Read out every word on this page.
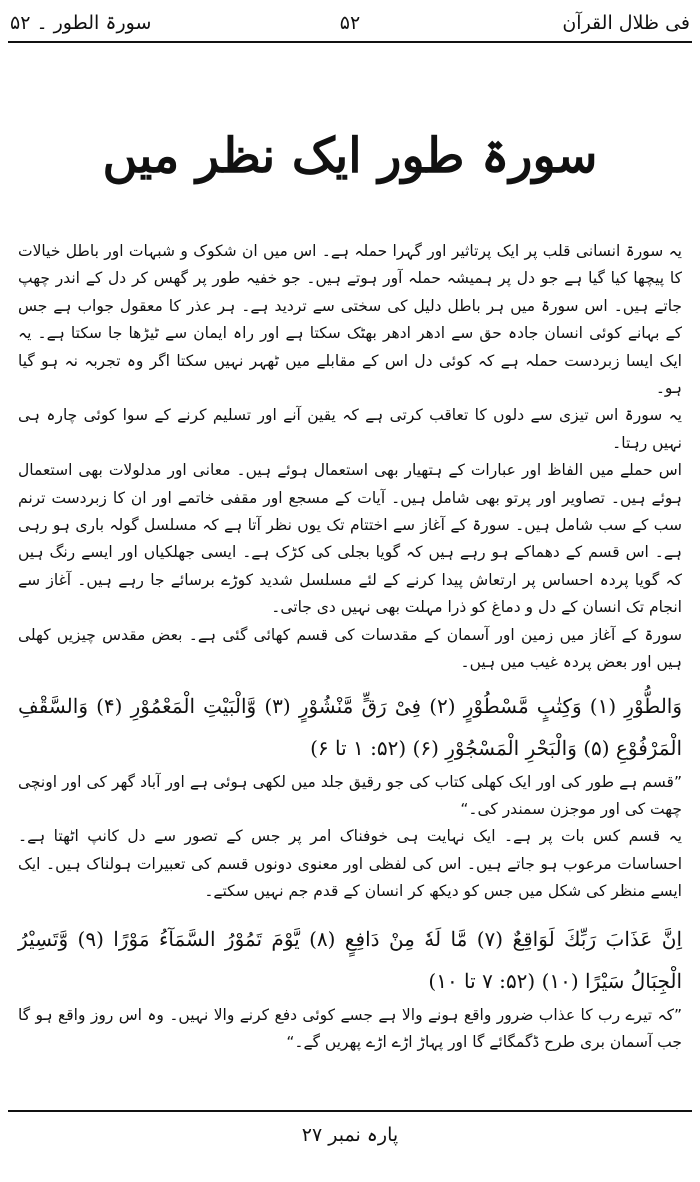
فی ظلال القرآن
۵۲
سورۃ الطور ۔ ۵۲
سورۃ طور ایک نظر میں

یہ سورۃ انسانی قلب پر ایک پرتاثیر اور گہرا حملہ ہے۔ اس میں ان شکوک و شبہات اور باطل خیالات کا پیچھا کیا گیا ہے جو دل پر ہمیشہ حملہ آور ہوتے ہیں۔ جو خفیہ طور پر گھس کر دل کے اندر چھپ جاتے ہیں۔ اس سورۃ میں ہر باطل دلیل کی سختی سے تردید ہے۔ ہر عذر کا معقول جواب ہے جس کے بہانے کوئی انسان جادہ حق سے ادھر ادھر بھٹک سکتا ہے اور راہ ایمان سے ٹیڑھا جا سکتا ہے۔ یہ ایک ایسا زبردست حملہ ہے کہ کوئی دل اس کے مقابلے میں ٹھہر نہیں سکتا اگر وہ تجربہ نہ ہو گیا ہو۔

یہ سورۃ اس تیزی سے دلوں کا تعاقب کرتی ہے کہ یقین آنے اور تسلیم کرنے کے سوا کوئی چارہ ہی نہیں رہتا۔

اس حملے میں الفاظ اور عبارات کے ہتھیار بھی استعمال ہوئے ہیں۔ معانی اور مدلولات بھی استعمال ہوئے ہیں۔ تصاویر اور پرتو بھی شامل ہیں۔ آیات کے مسجع اور مقفی خاتمے اور ان کا زبردست ترنم سب کے سب شامل ہیں۔ سورۃ کے آغاز سے اختتام تک یوں نظر آتا ہے کہ مسلسل گولہ باری ہو رہی ہے۔ اس قسم کے دھماکے ہو رہے ہیں کہ گویا بجلی کی کڑک ہے۔ ایسی جھلکیاں اور ایسے رنگ ہیں کہ گویا پردہ احساس پر ارتعاش پیدا کرنے کے لئے مسلسل شدید کوڑے برسائے جا رہے ہیں۔ آغاز سے انجام تک انسان کے دل و دماغ کو ذرا مہلت بھی نہیں دی جاتی۔

سورۃ کے آغاز میں زمین اور آسمان کے مقدسات کی قسم کھائی گئی ہے۔ بعض مقدس چیزیں کھلی ہیں اور بعض پردہ غیب میں ہیں۔

وَالطُّوْرِ (۱) وَكِتٰبٍ مَّسْطُوْرٍ (۲) فِیْ رَقٍّ مَّنْشُوْرٍ (۳) وَّالْبَیْتِ الْمَعْمُوْرِ (۴) وَالسَّقْفِ الْمَرْفُوْعِ (۵) وَالْبَحْرِ الْمَسْجُوْرِ (۶) (۵۲: ۱ تا ۶)

”قسم ہے طور کی اور ایک کھلی کتاب کی جو رقیق جلد میں لکھی ہوئی ہے اور آباد گھر کی اور اونچی چھت کی اور موجزن سمندر کی۔“

یہ قسم کس بات پر ہے۔ ایک نہایت ہی خوفناک امر پر جس کے تصور سے دل کانپ اٹھتا ہے۔ احساسات مرعوب ہو جاتے ہیں۔ اس کی لفظی اور معنوی دونوں قسم کی تعبیرات ہولناک ہیں۔ ایک ایسے منظر کی شکل میں جس کو دیکھ کر انسان کے قدم جم نہیں سکتے۔

اِنَّ عَذَابَ رَبِّكَ لَوَاقِعٌ (۷) مَّا لَهٗ مِنْ دَافِعٍ (۸) يَّوْمَ تَمُوْرُ السَّمَآءُ مَوْرًا (۹) وَّتَسِيْرُ الْجِبَالُ سَيْرًا (۱۰) (۵۲: ۷ تا ۱۰)

”کہ تیرے رب کا عذاب ضرور واقع ہونے والا ہے جسے کوئی دفع کرنے والا نہیں۔ وہ اس روز واقع ہو گا جب آسمان بری طرح ڈگمگائے گا اور پہاڑ اڑے اڑے پھریں گے۔“

پارہ نمبر ۲۷
